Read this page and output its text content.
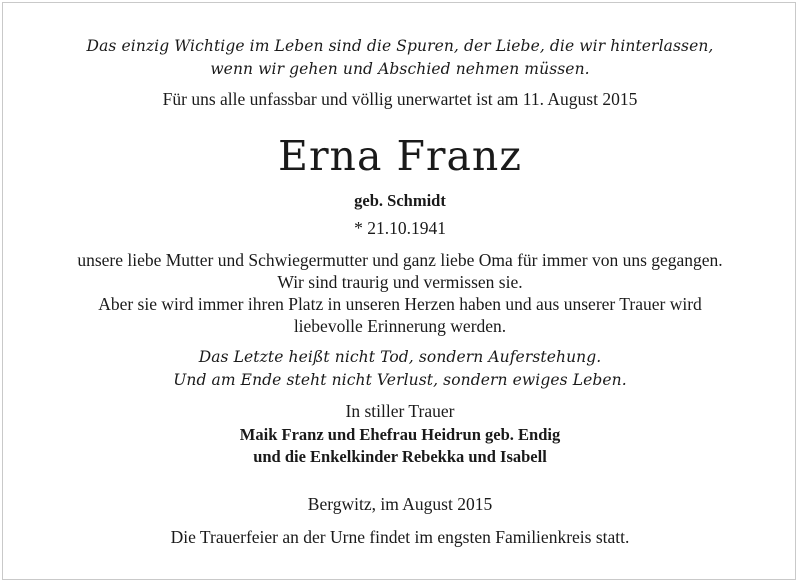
Das einzig Wichtige im Leben sind die Spuren, der Liebe, die wir hinterlassen,
wenn wir gehen und Abschied nehmen müssen.
Für uns alle unfassbar und völlig unerwartet ist am 11. August 2015
Erna Franz
geb. Schmidt
* 21.10.1941
unsere liebe Mutter und Schwiegermutter und ganz liebe Oma für immer von uns gegangen.
Wir sind traurig und vermissen sie.
Aber sie wird immer ihren Platz in unseren Herzen haben und aus unserer Trauer wird
liebevolle Erinnerung werden.
Das Letzte heißt nicht Tod, sondern Auferstehung.
Und am Ende steht nicht Verlust, sondern ewiges Leben.
In stiller Trauer
Maik Franz und Ehefrau Heidrun geb. Endig
und die Enkelkinder Rebekka und Isabell
Bergwitz, im August 2015
Die Trauerfeier an der Urne findet im engsten Familienkreis statt.
